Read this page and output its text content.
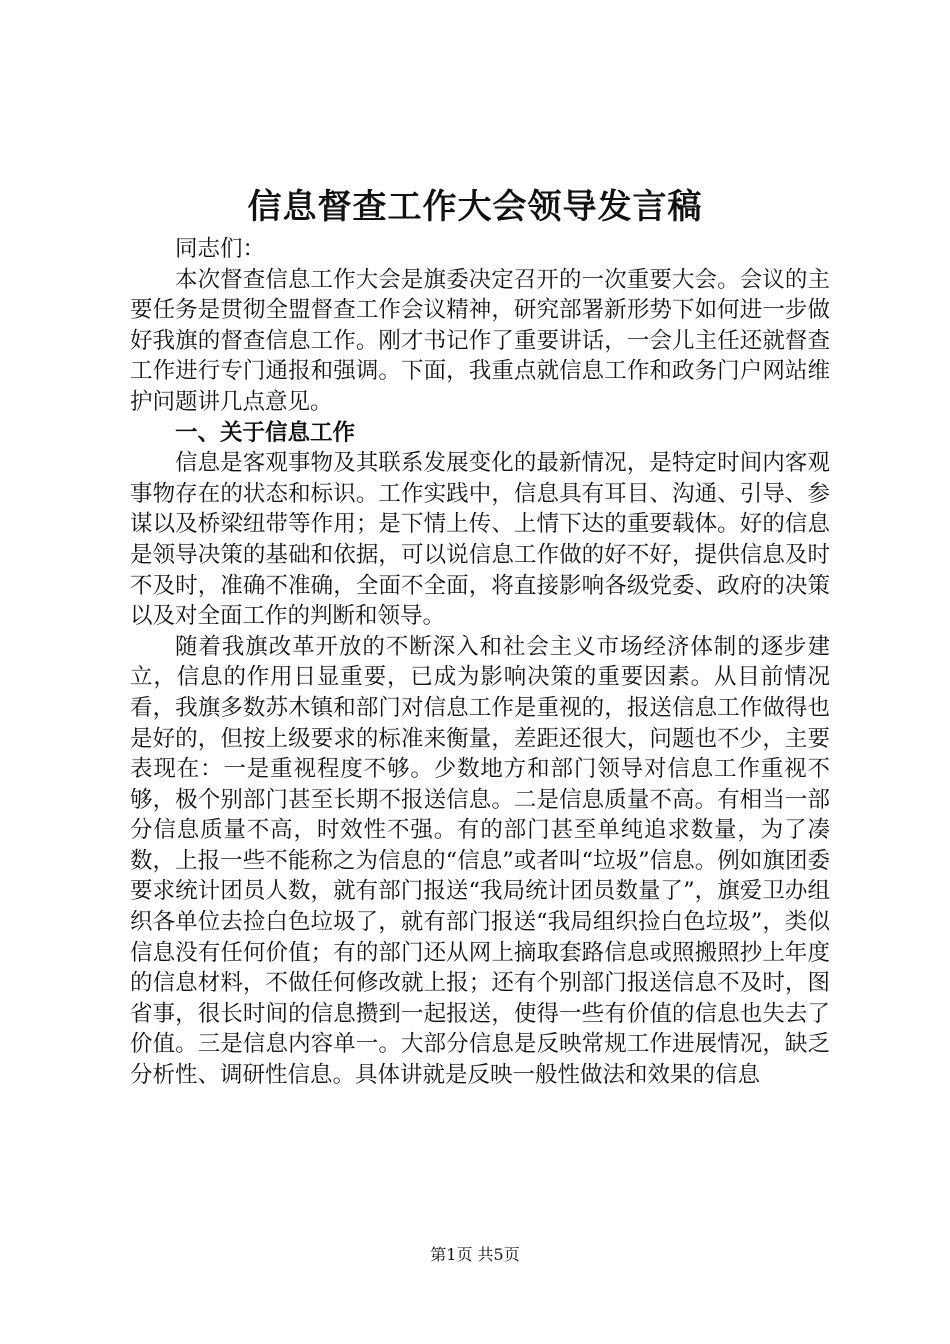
信息督查工作大会领导发言稿

同志们：

本次督查信息工作大会是旗委决定召开的一次重要大会。会议的主要任务是贯彻全盟督查工作会议精神，研究部署新形势下如何进一步做好我旗的督查信息工作。刚才书记作了重要讲话，一会儿主任还就督查工作进行专门通报和强调。下面，我重点就信息工作和政务门户网站维护问题讲几点意见。

一、关于信息工作

信息是客观事物及其联系发展变化的最新情况，是特定时间内客观事物存在的状态和标识。工作实践中，信息具有耳目、沟通、引导、参谋以及桥梁纽带等作用；是下情上传、上情下达的重要载体。好的信息是领导决策的基础和依据，可以说信息工作做的好不好，提供信息及时不及时，准确不准确，全面不全面，将直接影响各级党委、政府的决策以及对全面工作的判断和领导。

随着我旗改革开放的不断深入和社会主义市场经济体制的逐步建立，信息的作用日显重要，已成为影响决策的重要因素。从目前情况看，我旗多数苏木镇和部门对信息工作是重视的，报送信息工作做得也是好的，但按上级要求的标准来衡量，差距还很大，问题也不少，主要表现在：一是重视程度不够。少数地方和部门领导对信息工作重视不够，极个别部门甚至长期不报送信息。二是信息质量不高。有相当一部分信息质量不高，时效性不强。有的部门甚至单纯追求数量，为了凑数，上报一些不能称之为信息的“信息”或者叫“垃圾”信息。例如旗团委要求统计团员人数，就有部门报送“我局统计团员数量了”，旗爱卫办组织各单位去捡白色垃圾了，就有部门报送“我局组织捡白色垃圾”，类似信息没有任何价值；有的部门还从网上摘取套路信息或照搬照抄上年度的信息材料，不做任何修改就上报；还有个别部门报送信息不及时，图省事，很长时间的信息攒到一起报送，使得一些有价值的信息也失去了价值。三是信息内容单一。大部分信息是反映常规工作进展情况，缺乏分析性、调研性信息。具体讲就是反映一般性做法和效果的信息

第1页 共5页
